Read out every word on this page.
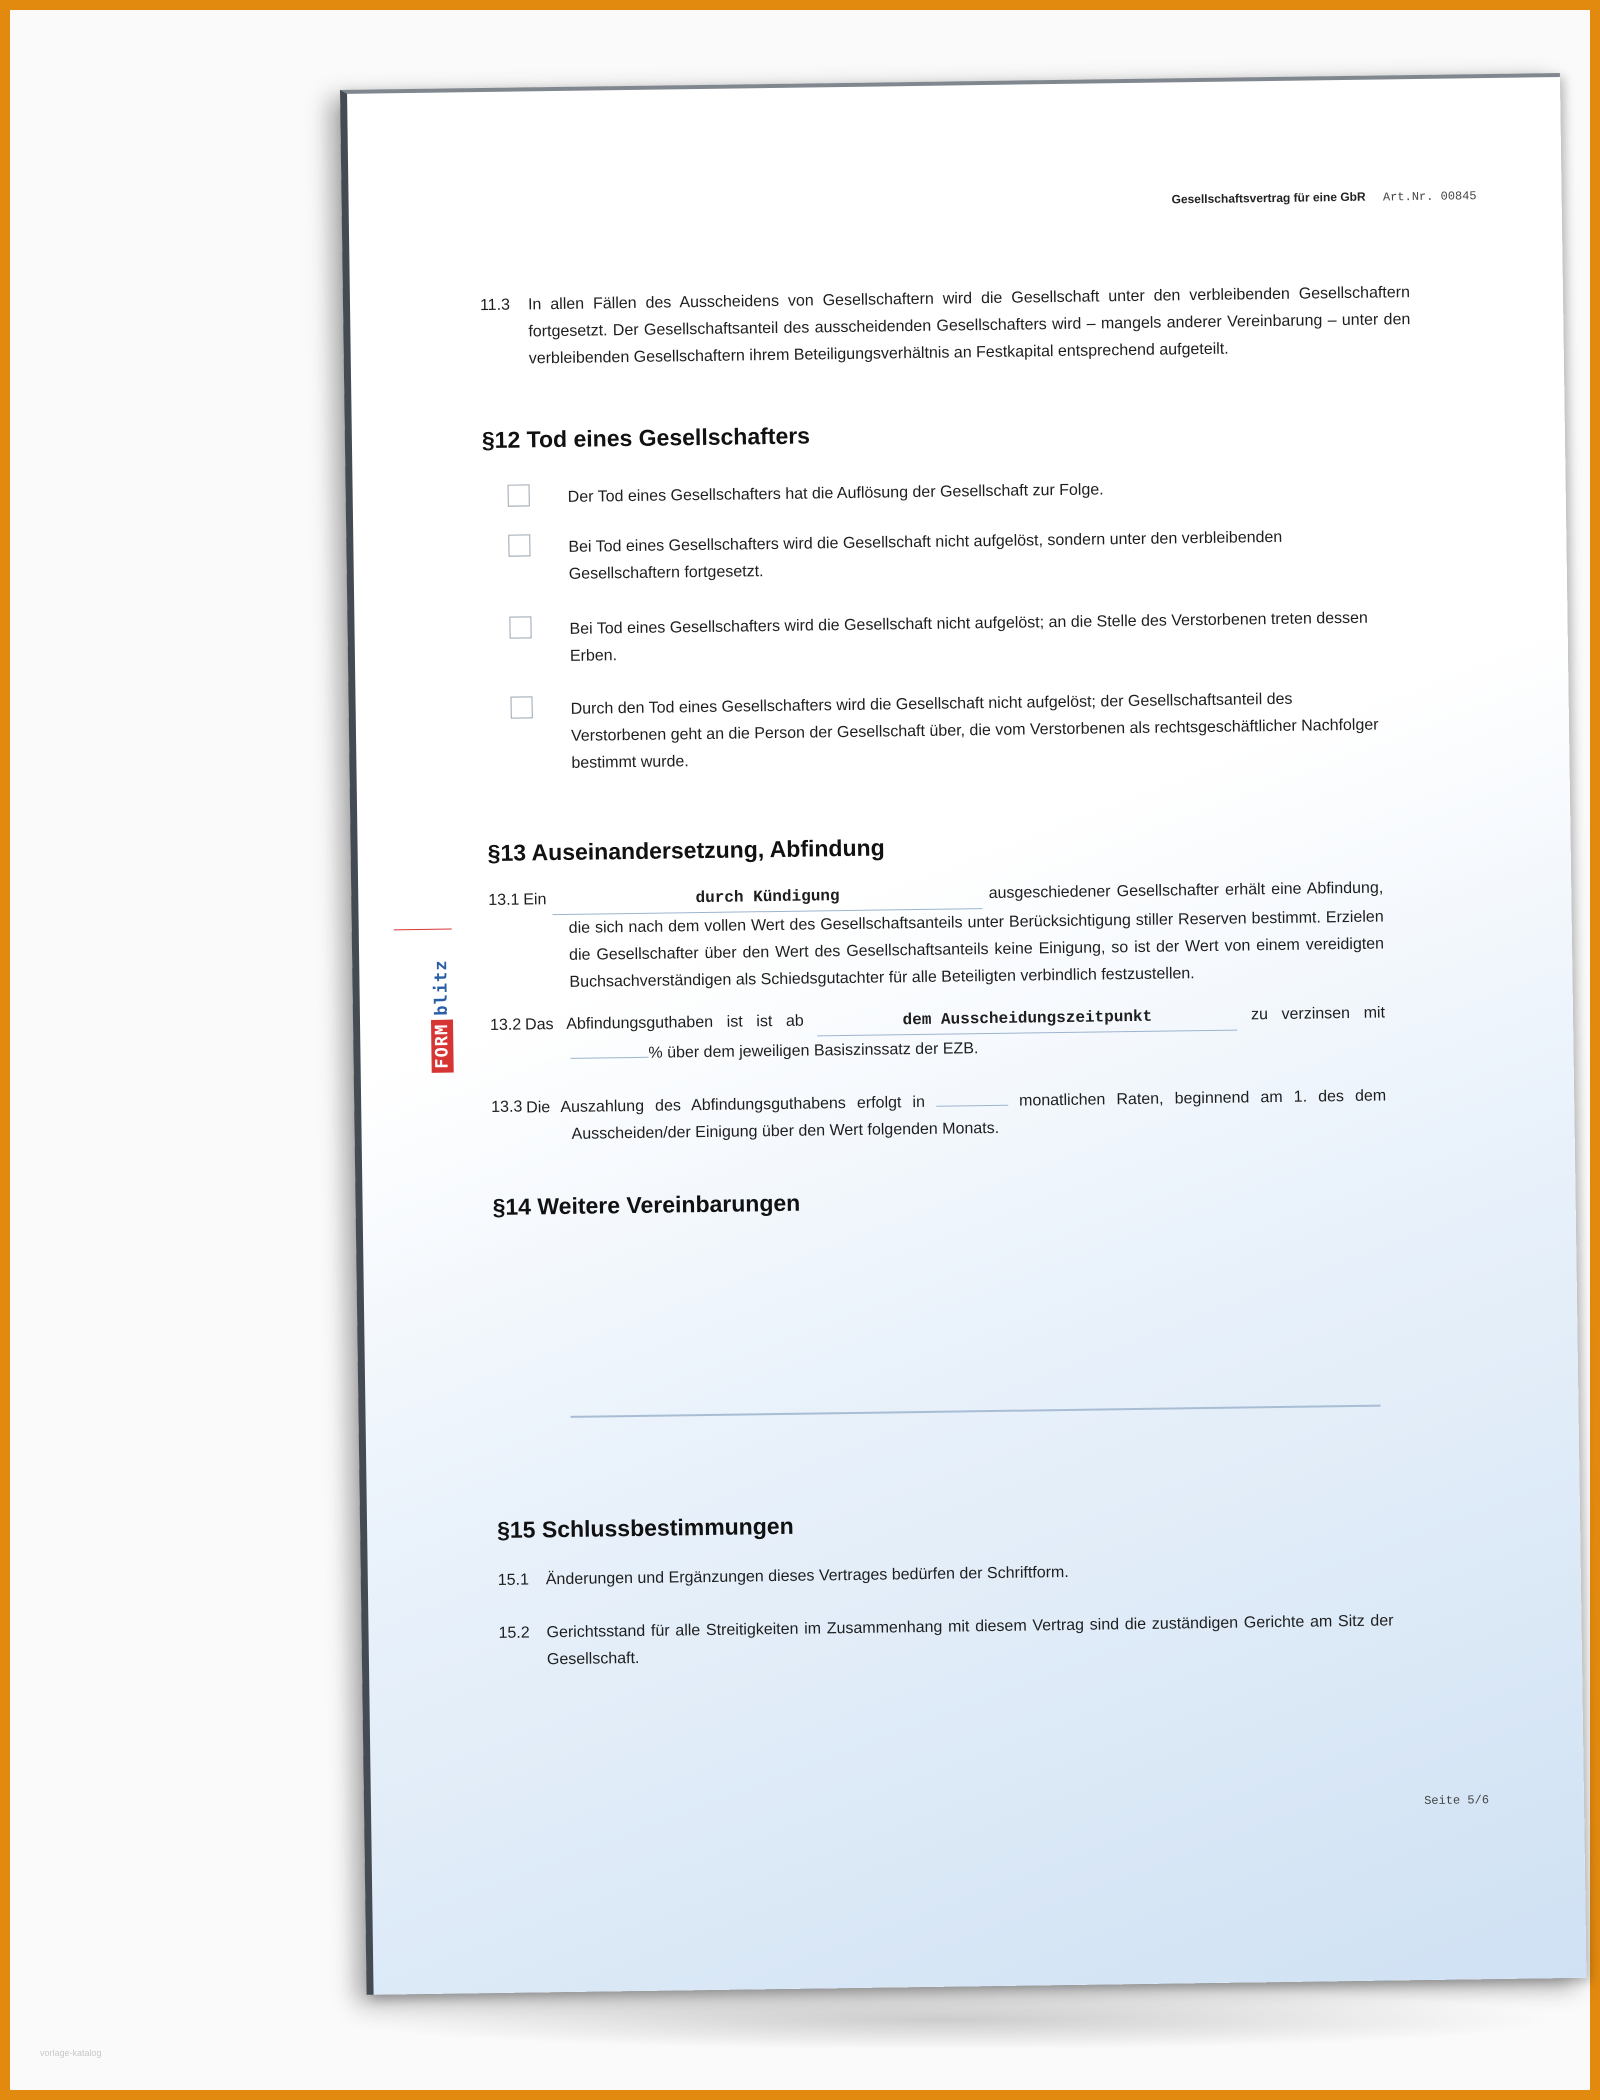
Gesellschaftsvertrag für eine GbR Art.Nr. 00845
FORMblitz
11.3 In allen Fällen des Ausscheidens von Gesellschaftern wird die Gesellschaft unter den verbleibenden Gesellschaftern fortgesetzt. Der Gesellschaftsanteil des ausscheidenden Gesellschafters wird – mangels anderer Vereinbarung – unter den verbleibenden Gesellschaftern ihrem Beteiligungsverhältnis an Festkapital entsprechend aufgeteilt.
§12 Tod eines Gesellschafters
Der Tod eines Gesellschafters hat die Auflösung der Gesellschaft zur Folge.
Bei Tod eines Gesellschafters wird die Gesellschaft nicht aufgelöst, sondern unter den verbleibenden Gesellschaftern fortgesetzt.
Bei Tod eines Gesellschafters wird die Gesellschaft nicht aufgelöst; an die Stelle des Verstorbenen treten dessen Erben.
Durch den Tod eines Gesellschafters wird die Gesellschaft nicht aufgelöst; der Gesellschaftsanteil des Verstorbenen geht an die Person der Gesellschaft über, die vom Verstorbenen als rechtsgeschäftlicher Nachfolger bestimmt wurde.
§13 Auseinandersetzung, Abfindung
13.1 Ein	durch Kündigung	ausgeschiedener Gesellschafter erhält eine Abfindung, die sich nach dem vollen Wert des Gesellschaftsanteils unter Berücksichtigung stiller Reserven bestimmt. Erzielen die Gesellschafter über den Wert des Gesellschaftsanteils keine Einigung, so ist der Wert von einem vereidigten Buchsachverständigen als Schiedsgutachter für alle Beteiligten verbindlich festzustellen.
13.2 Das Abfindungsguthaben ist ist ab	dem Ausscheidungszeitpunkt	zu verzinsen mit % über dem jeweiligen Basiszinssatz der EZB.
13.3 Die Auszahlung des Abfindungsguthabens erfolgt in	monatlichen Raten, beginnend am 1. des dem Ausscheiden/der Einigung über den Wert folgenden Monats.
§14 Weitere Vereinbarungen
§15 Schlussbestimmungen
15.1 Änderungen und Ergänzungen dieses Vertrages bedürfen der Schriftform.
15.2 Gerichtsstand für alle Streitigkeiten im Zusammenhang mit diesem Vertrag sind die zuständigen Gerichte am Sitz der Gesellschaft.
Seite 5/6
vorlage-katalog
